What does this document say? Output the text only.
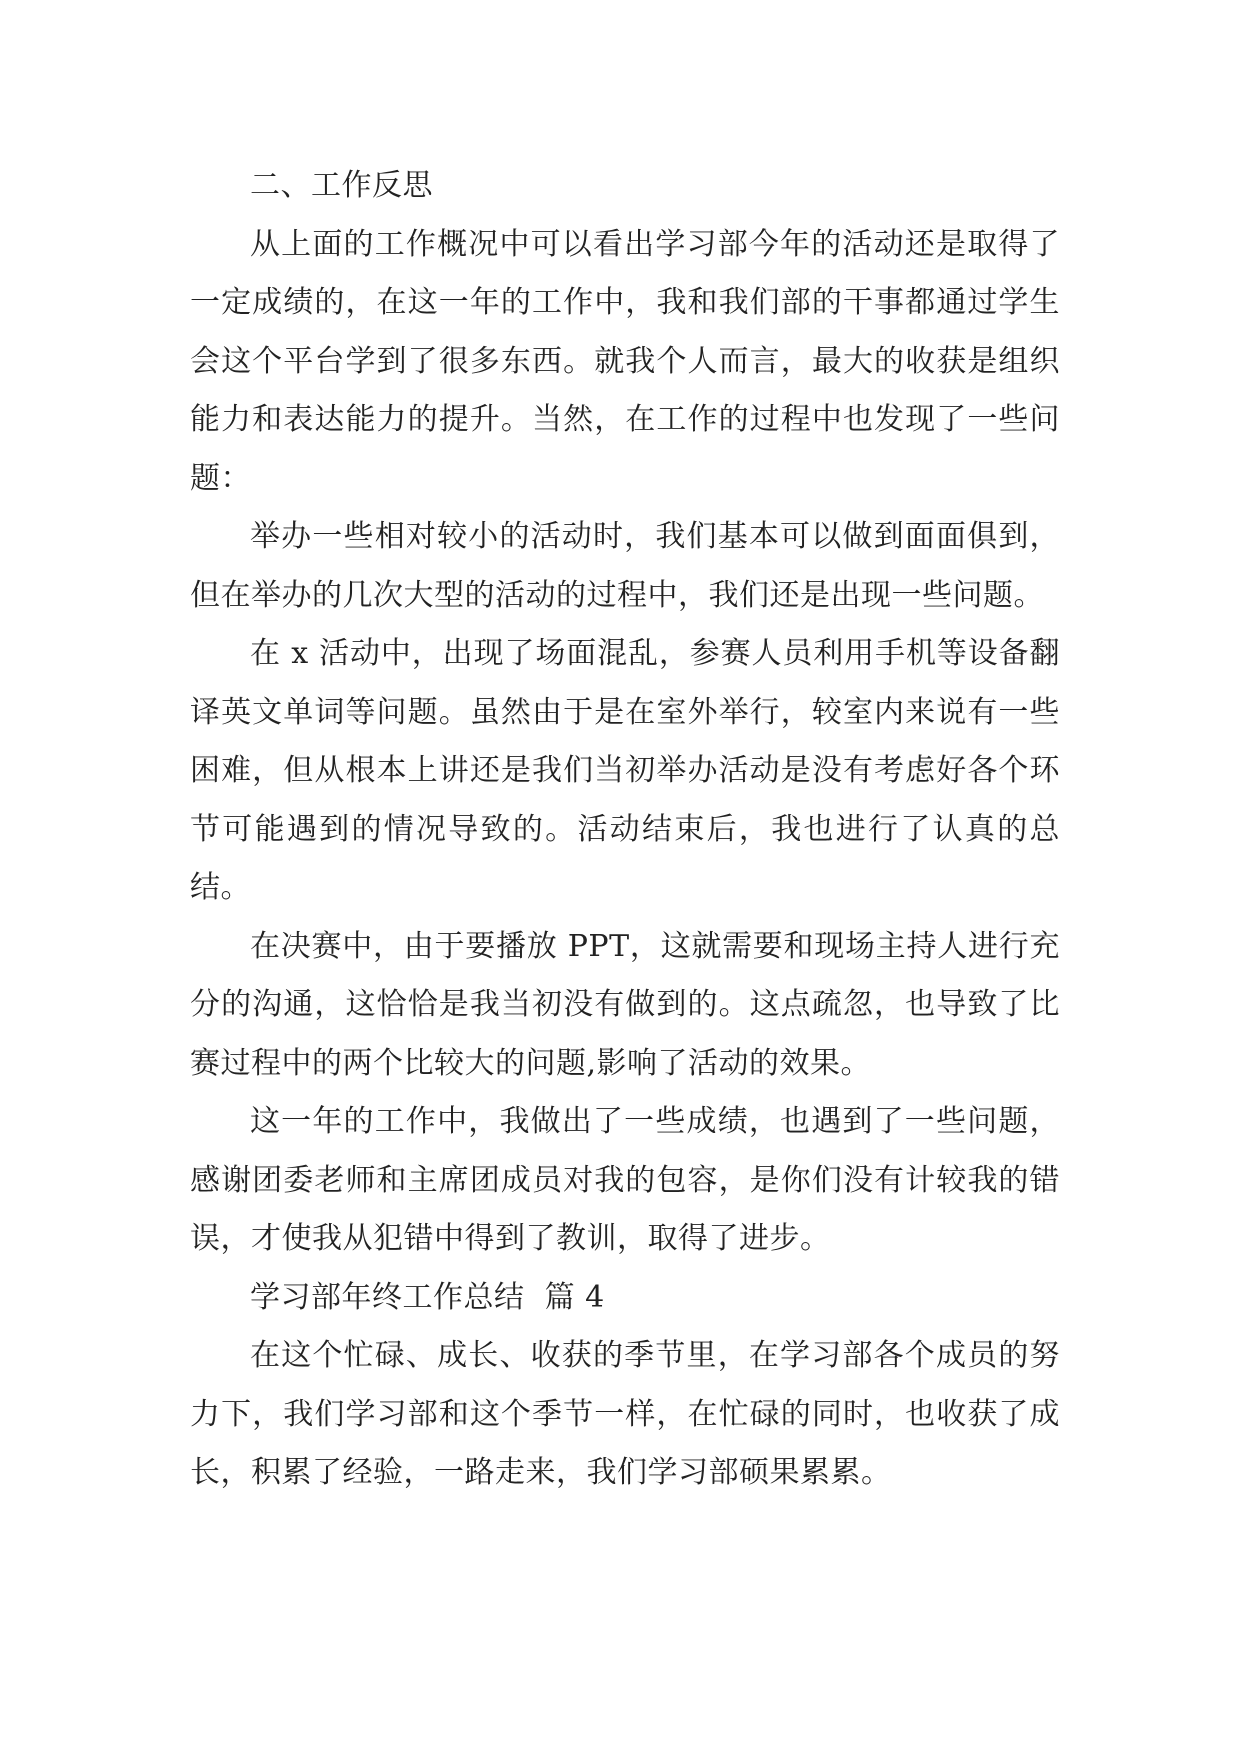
二、工作反思

从上面的工作概况中可以看出学习部今年的活动还是取得了一定成绩的，在这一年的工作中，我和我们部的干事都通过学生会这个平台学到了很多东西。就我个人而言，最大的收获是组织能力和表达能力的提升。当然，在工作的过程中也发现了一些问题：

举办一些相对较小的活动时，我们基本可以做到面面俱到，但在举办的几次大型的活动的过程中，我们还是出现一些问题。

在 x 活动中，出现了场面混乱，参赛人员利用手机等设备翻译英文单词等问题。虽然由于是在室外举行，较室内来说有一些困难，但从根本上讲还是我们当初举办活动是没有考虑好各个环节可能遇到的情况导致的。活动结束后，我也进行了认真的总结。

在决赛中，由于要播放 PPT，这就需要和现场主持人进行充分的沟通，这恰恰是我当初没有做到的。这点疏忽，也导致了比赛过程中的两个比较大的问题,影响了活动的效果。

这一年的工作中，我做出了一些成绩，也遇到了一些问题，感谢团委老师和主席团成员对我的包容，是你们没有计较我的错误，才使我从犯错中得到了教训，取得了进步。

学习部年终工作总结  篇 4

在这个忙碌、成长、收获的季节里，在学习部各个成员的努力下，我们学习部和这个季节一样，在忙碌的同时，也收获了成长，积累了经验，一路走来，我们学习部硕果累累。
